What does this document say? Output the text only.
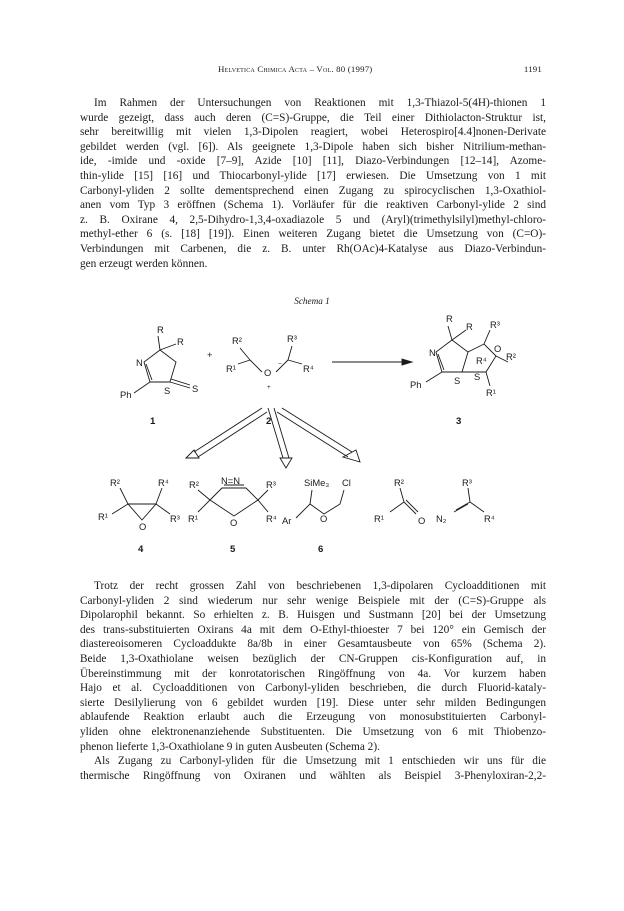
Helvetica Chimica Acta – Vol. 80 (1997)	1191
Im Rahmen der Untersuchungen von Reaktionen mit 1,3-Thiazol-5(4H)-thionen 1
wurde gezeigt, dass auch deren (C=S)-Gruppe, die Teil einer Dithiolacton-Struktur ist,
sehr bereitwillig mit vielen 1,3-Dipolen reagiert, wobei Heterospiro[4.4]nonen-Derivate
gebildet werden (vgl. [6]). Als geeignete 1,3-Dipole haben sich bisher Nitrilium-methan-
ide, -imide und -oxide [7–9], Azide [10] [11], Diazo-Verbindungen [12–14], Azome-
thin-ylide [15] [16] und Thiocarbonyl-ylide [17] erwiesen. Die Umsetzung von 1 mit
Carbonyl-yliden 2 sollte dementsprechend einen Zugang zu spirocyclischen 1,3-Oxathiol-
anen vom Typ 3 eröffnen (Schema 1). Vorläufer für die reaktiven Carbonyl-ylide 2 sind
z. B. Oxirane 4, 2,5-Dihydro-1,3,4-oxadiazole 5 und (Aryl)(trimethylsilyl)methyl-chloro-
methyl-ether 6 (s. [18] [19]). Einen weiteren Zugang bietet die Umsetzung von (C=O)-
Verbindungen mit Carbenen, die z. B. unter Rh(OAc)4-Katalyse aus Diazo-Verbindun-
gen erzeugt werden können.
Schema 1
R
R
N
S S
Ph
1
+
R²	R³
R¹	R⁴
O
−
+
2
R
R R³
N	O
R⁴ R²
S S
R¹
Ph
3
R²	R⁴
R¹
O
R³
4
R² N=N	R³
R¹	O	R⁴
5
SiMe₃ Cl
Ar	O
6
R²
R¹	O
R³
N₂	R⁴
Trotz der recht grossen Zahl von beschriebenen 1,3-dipolaren Cycloadditionen mit
Carbonyl-yliden 2 sind wiederum nur sehr wenige Beispiele mit der (C=S)-Gruppe als
Dipolarophil bekannt. So erhielten z. B. Huisgen und Sustmann [20] bei der Umsetzung
des trans-substituierten Oxirans 4a mit dem O-Ethyl-thioester 7 bei 120° ein Gemisch der
diastereoisomeren Cycloaddukte 8a/8b in einer Gesamtausbeute von 65% (Schema 2).
Beide 1,3-Oxathiolane weisen bezüglich der CN-Gruppen cis-Konfiguration auf, in
Übereinstimmung mit der konrotatorischen Ringöffnung von 4a. Vor kurzem haben
Hajo et al. Cycloadditionen von Carbonyl-yliden beschrieben, die durch Fluorid-kataly-
sierte Desilylierung von 6 gebildet wurden [19]. Diese unter sehr milden Bedingungen
ablaufende Reaktion erlaubt auch die Erzeugung von monosubstituierten Carbonyl-
yliden ohne elektronenanziehende Substituenten. Die Umsetzung von 6 mit Thiobenzo-
phenon lieferte 1,3-Oxathiolane 9 in guten Ausbeuten (Schema 2).
Als Zugang zu Carbonyl-yliden für die Umsetzung mit 1 entschieden wir uns für die
thermische Ringöffnung von Oxiranen und wählten als Beispiel 3-Phenyloxiran-2,2-
